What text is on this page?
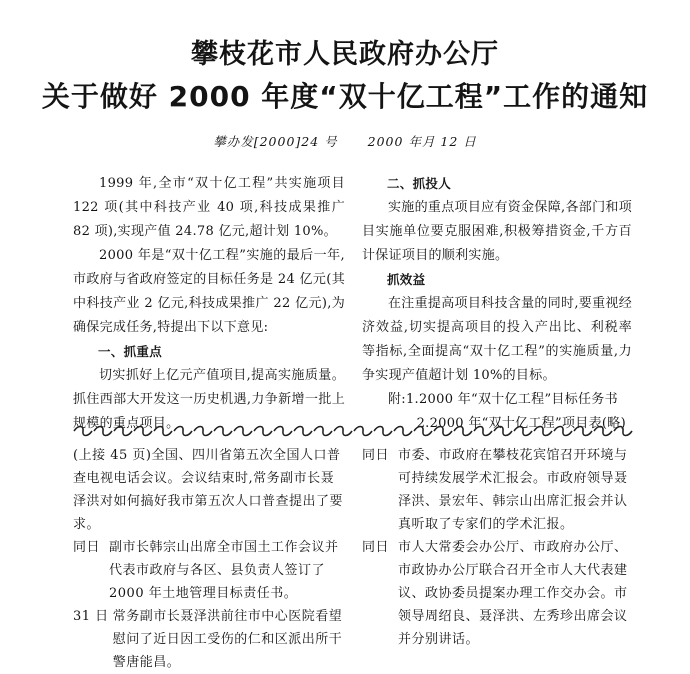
攀枝花市人民政府办公厅
关于做好 2000 年度“双十亿工程”工作的通知
攀办发[2000]24 号 2000 年月 12 日

1999 年,全市“双十亿工程”共实施项目 122 项(其中科技产业 40 项,科技成果推广 82 项),实现产值 24.78 亿元,超计划 10%。

2000 年是“双十亿工程”实施的最后一年,市政府与省政府签定的目标任务是 24 亿元(其中科技产业 2 亿元,科技成果推广 22 亿元),为确保完成任务,特提出下以下意见:

一、抓重点

切实抓好上亿元产值项目,提高实施质量。抓住西部大开发这一历史机遇,力争新增一批上

二、抓投人

实施的重点项目应有资金保障,各部门和项目实施单位要克服困难,积极筹措资金,千方百计保证项目的顺利实施。

抓效益

在注重提高项目科技含量的同时,要重视经济效益,切实提高项目的投入产出比、利税率等指标,全面提高“双十亿工程”的实施质量,力争实现产值超计划 10%的目标。

附:1.2000 年“双十亿工程”目标任务书

(上接 45 页)全国、四川省第五次全国人口普查电视电话会议。会议结束时,常务副市长聂泽洪对如何搞好我市第五次人口普查提出了要求。
同日 副市长韩宗山出席全市国土工作会议并代表市政府与各区、县负责人签订了 2000 年土地管理目标责任书。
31 日 常务副市长聂泽洪前往市中心医院看望慰问了近日因工受伤的仁和区派出所干警唐能昌。
同日 市委、市政府在攀枝花宾馆召开环境与可持续发展学术汇报会。市政府领导聂泽洪、景宏年、韩宗山出席汇报会并认真听取了专家们的学术汇报。
同日 市人大常委会办公厅、市政府办公厅、市政协办公厅联合召开全市人大代表建议、政协委员提案办理工作交办会。市领导周绍良、聂泽洪、左秀珍出席会议并分别讲话。
